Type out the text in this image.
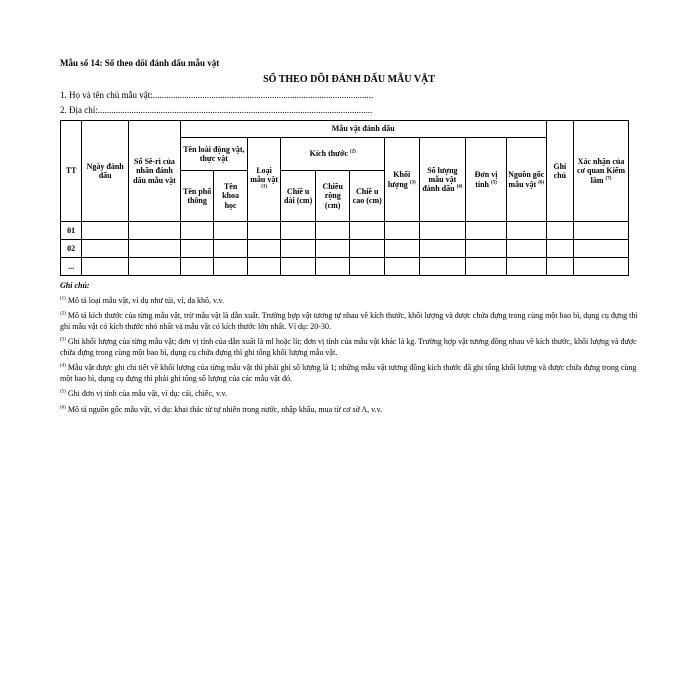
Mẫu số 14: Sổ theo dõi đánh dấu mẫu vật
SỔ THEO DÕI ĐÁNH DẤU MẪU VẬT
1. Họ và tên chủ mẫu vật:..................................................................................................
2. Địa chỉ:..........................................................................................................................
TT	Ngày đánh dấu	Số Sê-ri của nhãn đánh dấu mẫu vật	Mẫu vật đánh dấu										Ghi chú	Xác nhận của cơ quan Kiểm lâm $^{(7)}$
			Tên loài động vật, thực vật		Loại mẫu vật $^{(1)}$	Kích thước $^{(2)}$			Khối lượng $^{(3)}$	Số lượng mẫu vật đánh dấu $^{(4)}$	Đơn vị tính $^{(5)}$	Nguồn gốc mẫu vật $^{(6)}$
			Tên phổ thông	Tên khoa học		Chiề u dài (cm)	Chiều rộng (cm)	Chiề u cao (cm)						
01														
02														
...														
Ghi chú:
$^{(1)}$ Mô tả loại mẫu vật, ví dụ như túi, ví, da khô, v.v.
$^{(2)}$ Mô tả kích thước của từng mẫu vật, trừ mẫu vật là dẫn xuất. Trường hợp vật tương tự nhau về kích thước, khối lượng và được chứa đựng trong cùng một bao bì, dụng cụ đựng thì ghi mẫu vật có kích thước nhỏ nhất và mẫu vật có kích thước lớn nhất. Ví dụ: 20-30.
$^{(3)}$ Ghi khối lượng của từng mẫu vật; đơn vị tính của dẫn xuất là ml hoặc lít; đơn vị tính của mẫu vật khác là kg. Trường hợp vật tương đồng nhau về kích thước, khối lượng và được chứa đựng trong cùng một bao bì, dụng cụ chứa đựng thì ghi tổng khối lượng mẫu vật.
$^{(4)}$ Mẫu vật được ghi chi tiết về khối lượng của từng mẫu vật thì phải ghi số lượng là 1; những mẫu vật tương đồng kích thước đã ghi tổng khối lượng và được chứa đựng trong cùng một bao bì, dụng cụ đựng thì phải ghi tổng số lượng của các mẫu vật đó.
$^{(5)}$ Ghi đơn vị tính của mẫu vật, ví dụ: cái, chiếc, v.v.
$^{(6)}$ Mô tả nguồn gốc mẫu vật, ví dụ: khai thác từ tự nhiên trong nước, nhập khẩu, mua từ cơ sở A, v.v.
